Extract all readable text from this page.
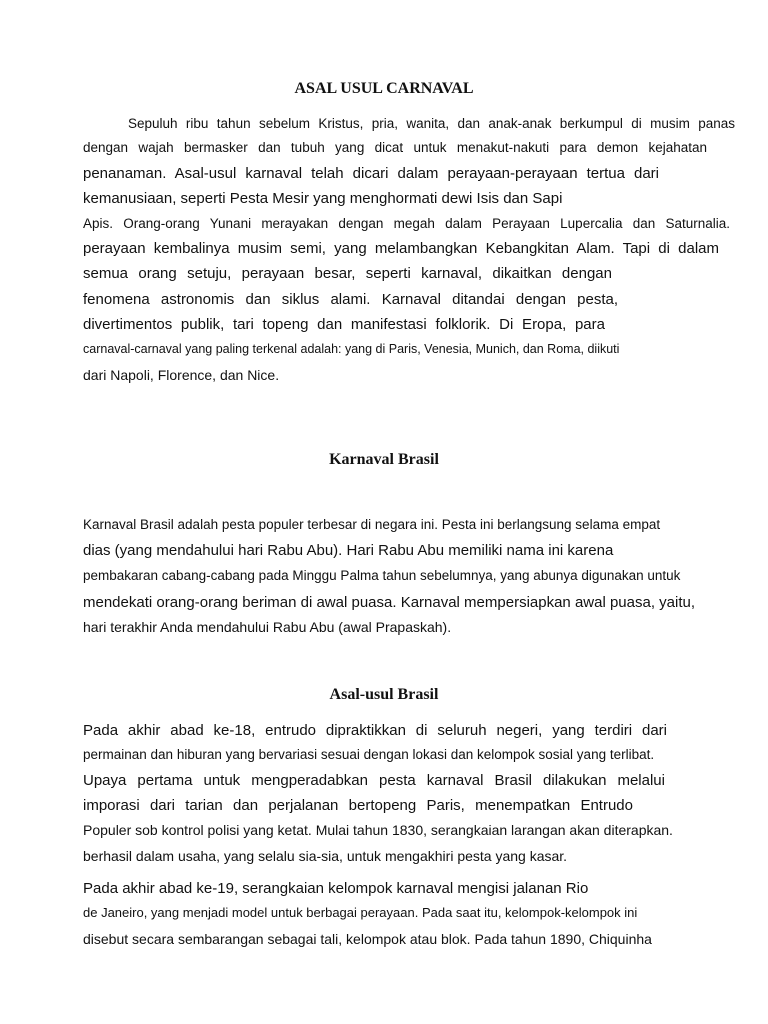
ASAL USUL CARNAVAL
Sepuluh ribu tahun sebelum Kristus, pria, wanita, dan anak-anak berkumpul di musim panas
dengan wajah bermasker dan tubuh yang dicat untuk menakut-nakuti para demon kejahatan
penanaman. Asal-usul karnaval telah dicari dalam perayaan-perayaan tertua dari
kemanusiaan, seperti Pesta Mesir yang menghormati dewi Isis dan Sapi
Apis. Orang-orang Yunani merayakan dengan megah dalam Perayaan Lupercalia dan Saturnalia.
perayaan kembalinya musim semi, yang melambangkan Kebangkitan Alam. Tapi di dalam
semua orang setuju, perayaan besar, seperti karnaval, dikaitkan dengan
fenomena astronomis dan siklus alami. Karnaval ditandai dengan pesta,
divertimentos publik, tari topeng dan manifestasi folklorik. Di Eropa, para
carnaval-carnaval yang paling terkenal adalah: yang di Paris, Venesia, Munich, dan Roma, diikuti
dari Napoli, Florence, dan Nice.
Karnaval Brasil
Karnaval Brasil adalah pesta populer terbesar di negara ini. Pesta ini berlangsung selama empat
dias (yang mendahului hari Rabu Abu). Hari Rabu Abu memiliki nama ini karena
pembakaran cabang-cabang pada Minggu Palma tahun sebelumnya, yang abunya digunakan untuk
mendekati orang-orang beriman di awal puasa. Karnaval mempersiapkan awal puasa, yaitu,
hari terakhir Anda mendahului Rabu Abu (awal Prapaskah).
Asal-usul Brasil
Pada akhir abad ke-18, entrudo dipraktikkan di seluruh negeri, yang terdiri dari
permainan dan hiburan yang bervariasi sesuai dengan lokasi dan kelompok sosial yang terlibat.
Upaya pertama untuk mengperadabkan pesta karnaval Brasil dilakukan melalui
imporasi dari tarian dan perjalanan bertopeng Paris, menempatkan Entrudo
Populer sob kontrol polisi yang ketat. Mulai tahun 1830, serangkaian larangan akan diterapkan.
berhasil dalam usaha, yang selalu sia-sia, untuk mengakhiri pesta yang kasar.
Pada akhir abad ke-19, serangkaian kelompok karnaval mengisi jalanan Rio
de Janeiro, yang menjadi model untuk berbagai perayaan. Pada saat itu, kelompok-kelompok ini
disebut secara sembarangan sebagai tali, kelompok atau blok. Pada tahun 1890, Chiquinha
